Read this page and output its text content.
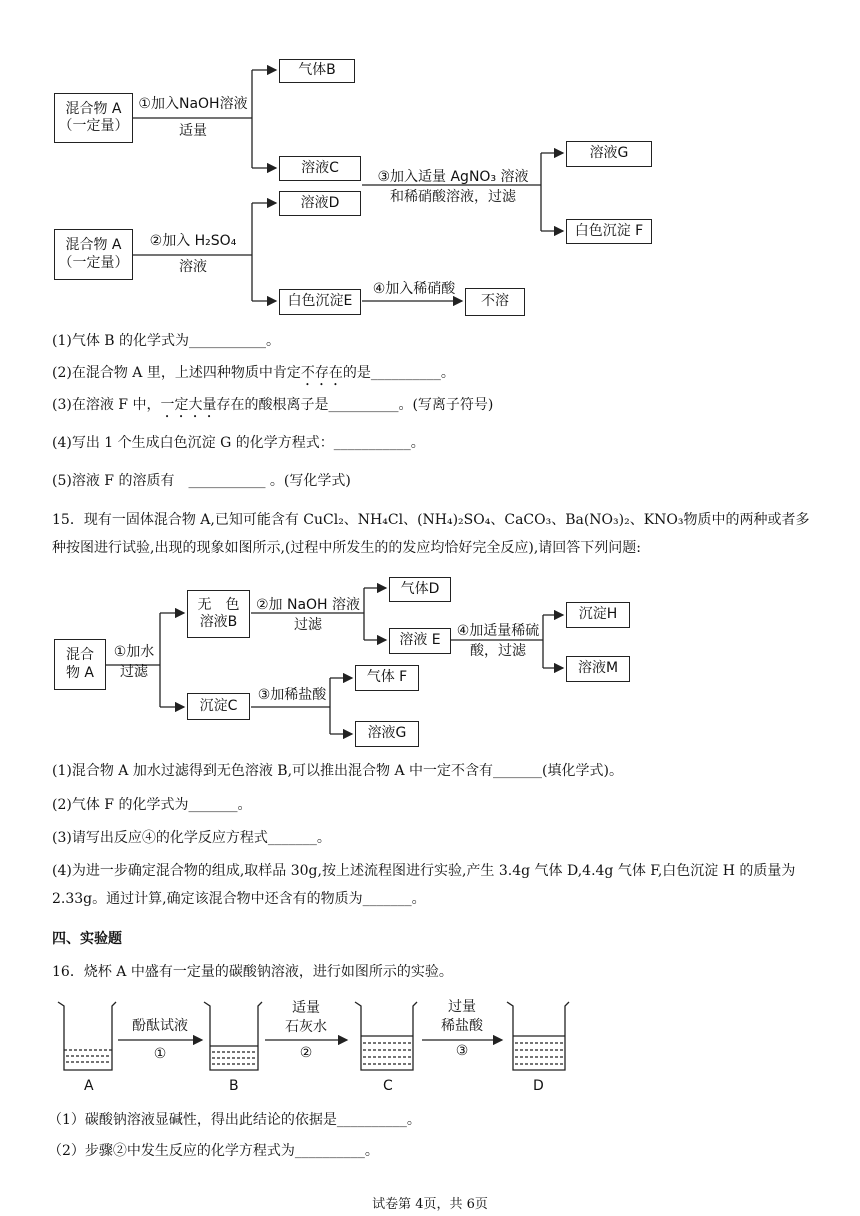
混合物 A
（一定量）
①加入NaOH溶液
适量
气体B
溶液C
③加入适量 AgNO₃ 溶液
和稀硝酸溶液，过滤
溶液G
白色沉淀 F
溶液D
混合物 A
（一定量）
②加入 H₂SO₄
溶液
白色沉淀E
④加入稀硝酸
不溶
(1)气体 B 的化学式为___________。
(2)在混合物 A 里，上述四种物质中肯定不存在的是__________。
(3)在溶液 F 中，一定大量存在的酸根离子是__________。(写离子符号)
(4)写出 1 个生成白色沉淀 G 的化学方程式：___________。
(5)溶液 F 的溶质有　___________ 。(写化学式)
15．现有一固体混合物 A,已知可能含有 CuCl₂、NH₄Cl、(NH₄)₂SO₄、CaCO₃、Ba(NO₃)₂、KNO₃物质中的两种或者多种按图进行试验,出现的现象如图所示,(过程中所发生的的发应均恰好完全反应),请回答下列问题:
混合
物 A
①加水
过滤
无　色
溶液B
②加 NaOH 溶液
过滤
气体D
溶液 E
④加适量稀硫
酸，过滤
沉淀H
溶液M
沉淀C
③加稀盐酸
气体 F
溶液G
(1)混合物 A 加水过滤得到无色溶液 B,可以推出混合物 A 中一定不含有_______(填化学式)。
(2)气体 F 的化学式为_______。
(3)请写出反应④的化学反应方程式_______。
(4)为进一步确定混合物的组成,取样品 30g,按上述流程图进行实验,产生 3.4g 气体 D,4.4g 气体 F,白色沉淀 H 的质量为 2.33g。通过计算,确定该混合物中还含有的物质为_______。
四、实验题
16．烧杯 A 中盛有一定量的碳酸钠溶液，进行如图所示的实验。
酚酞试液
①
适量
石灰水
②
过量
稀盐酸
③
A	B	C	D
（1）碳酸钠溶液显碱性，得出此结论的依据是__________。
（2）步骤②中发生反应的化学方程式为__________。
试卷第 4页，共 6页
